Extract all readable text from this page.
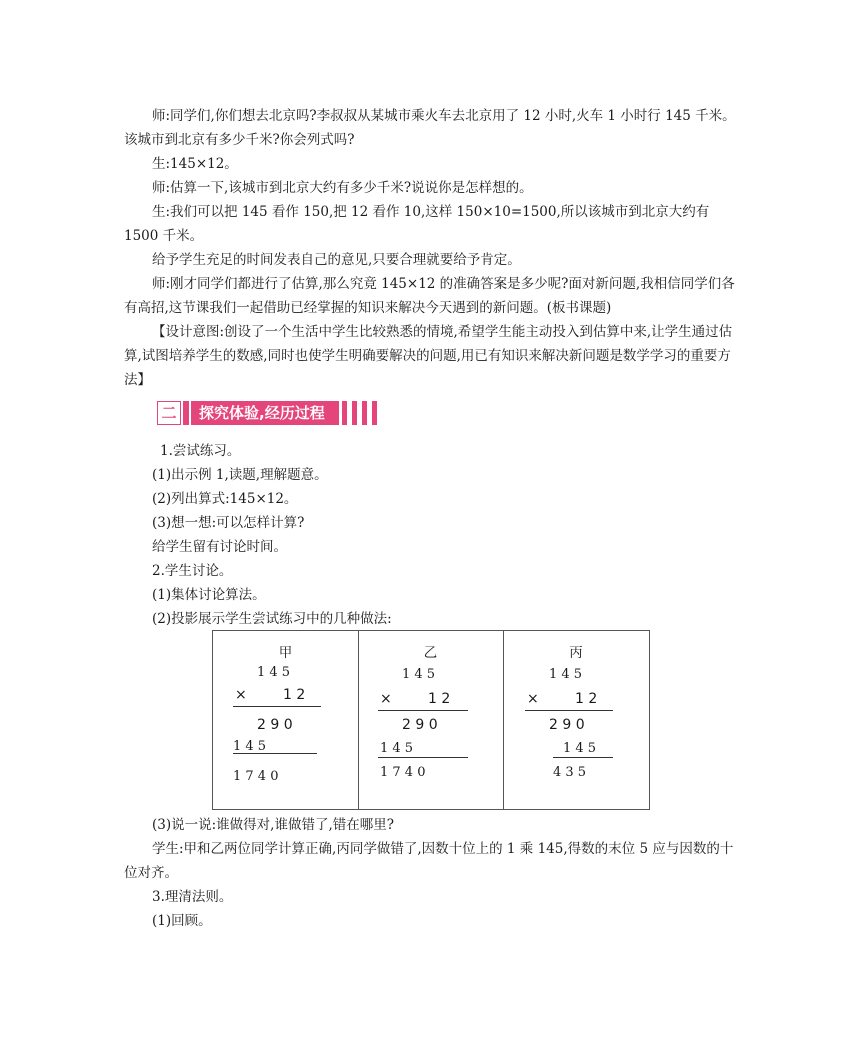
师:同学们,你们想去北京吗?李叔叔从某城市乘火车去北京用了 12 小时,火车 1 小时行 145 千米。该城市到北京有多少千米?你会列式吗?

生:145×12。

师:估算一下,该城市到北京大约有多少千米?说说你是怎样想的。

生:我们可以把 145 看作 150,把 12 看作 10,这样 150×10=1500,所以该城市到北京大约有 1500 千米。

给予学生充足的时间发表自己的意见,只要合理就要给予肯定。

师:刚才同学们都进行了估算,那么究竟 145×12 的准确答案是多少呢?面对新问题,我相信同学们各有高招,这节课我们一起借助已经掌握的知识来解决今天遇到的新问题。(板书课题)

【设计意图:创设了一个生活中学生比较熟悉的情境,希望学生能主动投入到估算中来,让学生通过估算,试图培养学生的数感,同时也使学生明确要解决的问题,用已有知识来解决新问题是数学学习的重要方法】

二	探究体验,经历过程
1.尝试练习。
(1)出示例 1,读题,理解题意。
(2)列出算式:145×12。
(3)想一想:可以怎样计算?
给学生留有讨论时间。
2.学生讨论。
(1)集体讨论算法。
(2)投影展示学生尝试练习中的几种做法:
甲
1 4 5
×	1 2
2 9 0
1 4 5
1 7 4 0
乙
1 4 5
×	1 2
2 9 0
1 4 5
1 7 4 0
丙
1 4 5
×	1 2
2 9 0
1 4 5
4 3 5
(3)说一说:谁做得对,谁做错了,错在哪里?

学生:甲和乙两位同学计算正确,丙同学做错了,因数十位上的 1 乘 145,得数的末位 5 应与因数的十位对齐。

3.理清法则。
(1)回顾。
